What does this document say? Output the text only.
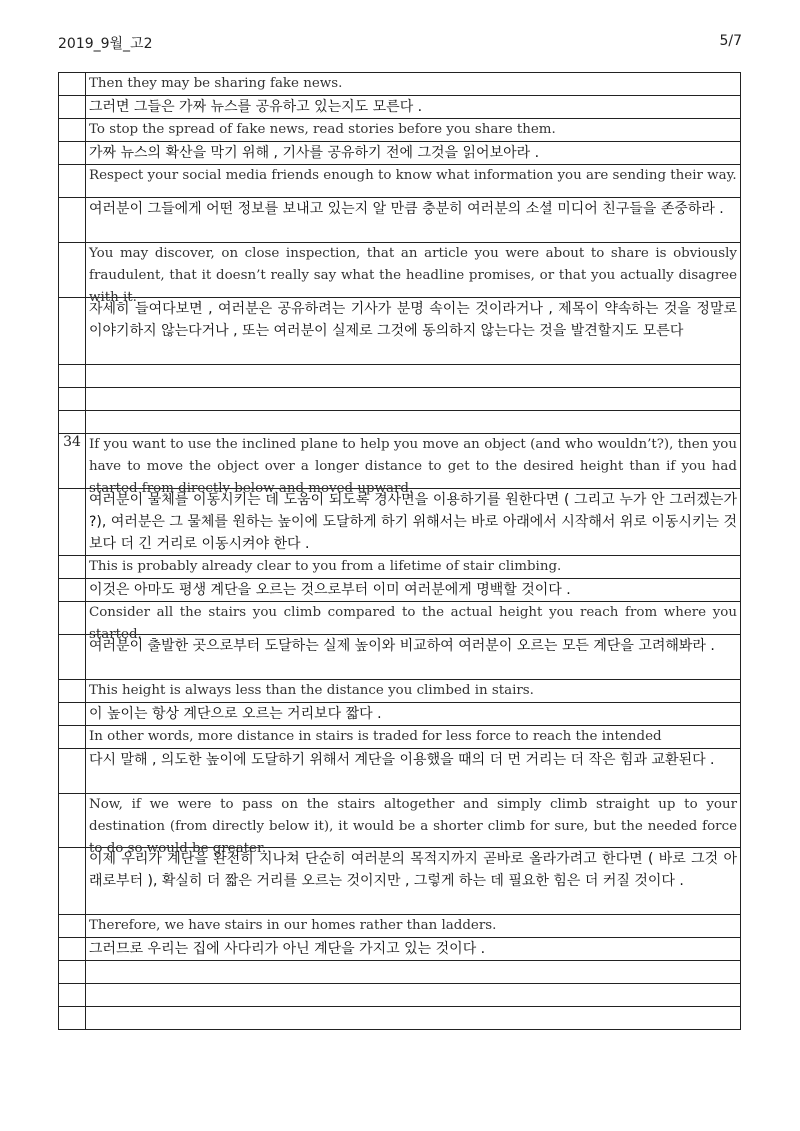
2019_9월_고2	5/7

	Then they may be sharing fake news.

	그러면 그들은 가짜 뉴스를 공유하고 있는지도 모른다 .

	To stop the spread of fake news, read stories before you share them.

	가짜 뉴스의 확산을 막기 위해 , 기사를 공유하기 전에 그것을 읽어보아라 .

	Respect your social media friends enough to know what information you are sending their way.

	여러분이 그들에게 어떤 정보를 보내고 있는지 알 만큼 충분히 여러분의 소셜 미디어 친구들을 존중하라 .

	You may discover, on close inspection, that an article you were about to share is obviously fraudulent, that it doesn’t really say what the headline promises, or that you actually disagree with it.

	자세히 들여다보면 , 여러분은 공유하려는 기사가 분명 속이는 것이라거나 , 제목이 약속하는 것을 정말로 이야기하지 않는다거나 , 또는 여러분이 실제로 그것에 동의하지 않는다는 것을 발견할지도 모른다

34	If you want to use the inclined plane to help you move an object (and who wouldn’t?), then you have to move the object over a longer distance to get to the desired height than if you had started from directly below and moved upward.

	여러분이 물체를 이동시키는 데 도움이 되도록 경사면을 이용하기를 원한다면 ( 그리고 누가 안 그러겠는가 ?), 여러분은 그 물체를 원하는 높이에 도달하게 하기 위해서는 바로 아래에서 시작해서 위로 이동시키는 것보다 더 긴 거리로 이동시켜야 한다 .

	This is probably already clear to you from a lifetime of stair climbing.

	이것은 아마도 평생 계단을 오르는 것으로부터 이미 여러분에게 명백할 것이다 .

	Consider all the stairs you climb compared to the actual height you reach from where you started.

	여러분이 출발한 곳으로부터 도달하는 실제 높이와 비교하여 여러분이 오르는 모든 계단을 고려해봐라 .

	This height is always less than the distance you climbed in stairs.

	이 높이는 항상 계단으로 오르는 거리보다 짧다 .

	In other words, more distance in stairs is traded for less force to reach the intended

	다시 말해 , 의도한 높이에 도달하기 위해서 계단을 이용했을 때의 더 먼 거리는 더 작은 힘과 교환된다 .

	Now, if we were to pass on the stairs altogether and simply climb straight up to your destination (from directly below it), it would be a shorter climb for sure, but the needed force to do so would be greater.

	이제 우리가 계단을 완전히 지나쳐 단순히 여러분의 목적지까지 곧바로 올라가려고 한다면 ( 바로 그것 아래로부터 ), 확실히 더 짧은 거리를 오르는 것이지만 , 그렇게 하는 데 필요한 힘은 더 커질 것이다 .

	Therefore, we have stairs in our homes rather than ladders.

	그러므로 우리는 집에 사다리가 아닌 계단을 가지고 있는 것이다 .
